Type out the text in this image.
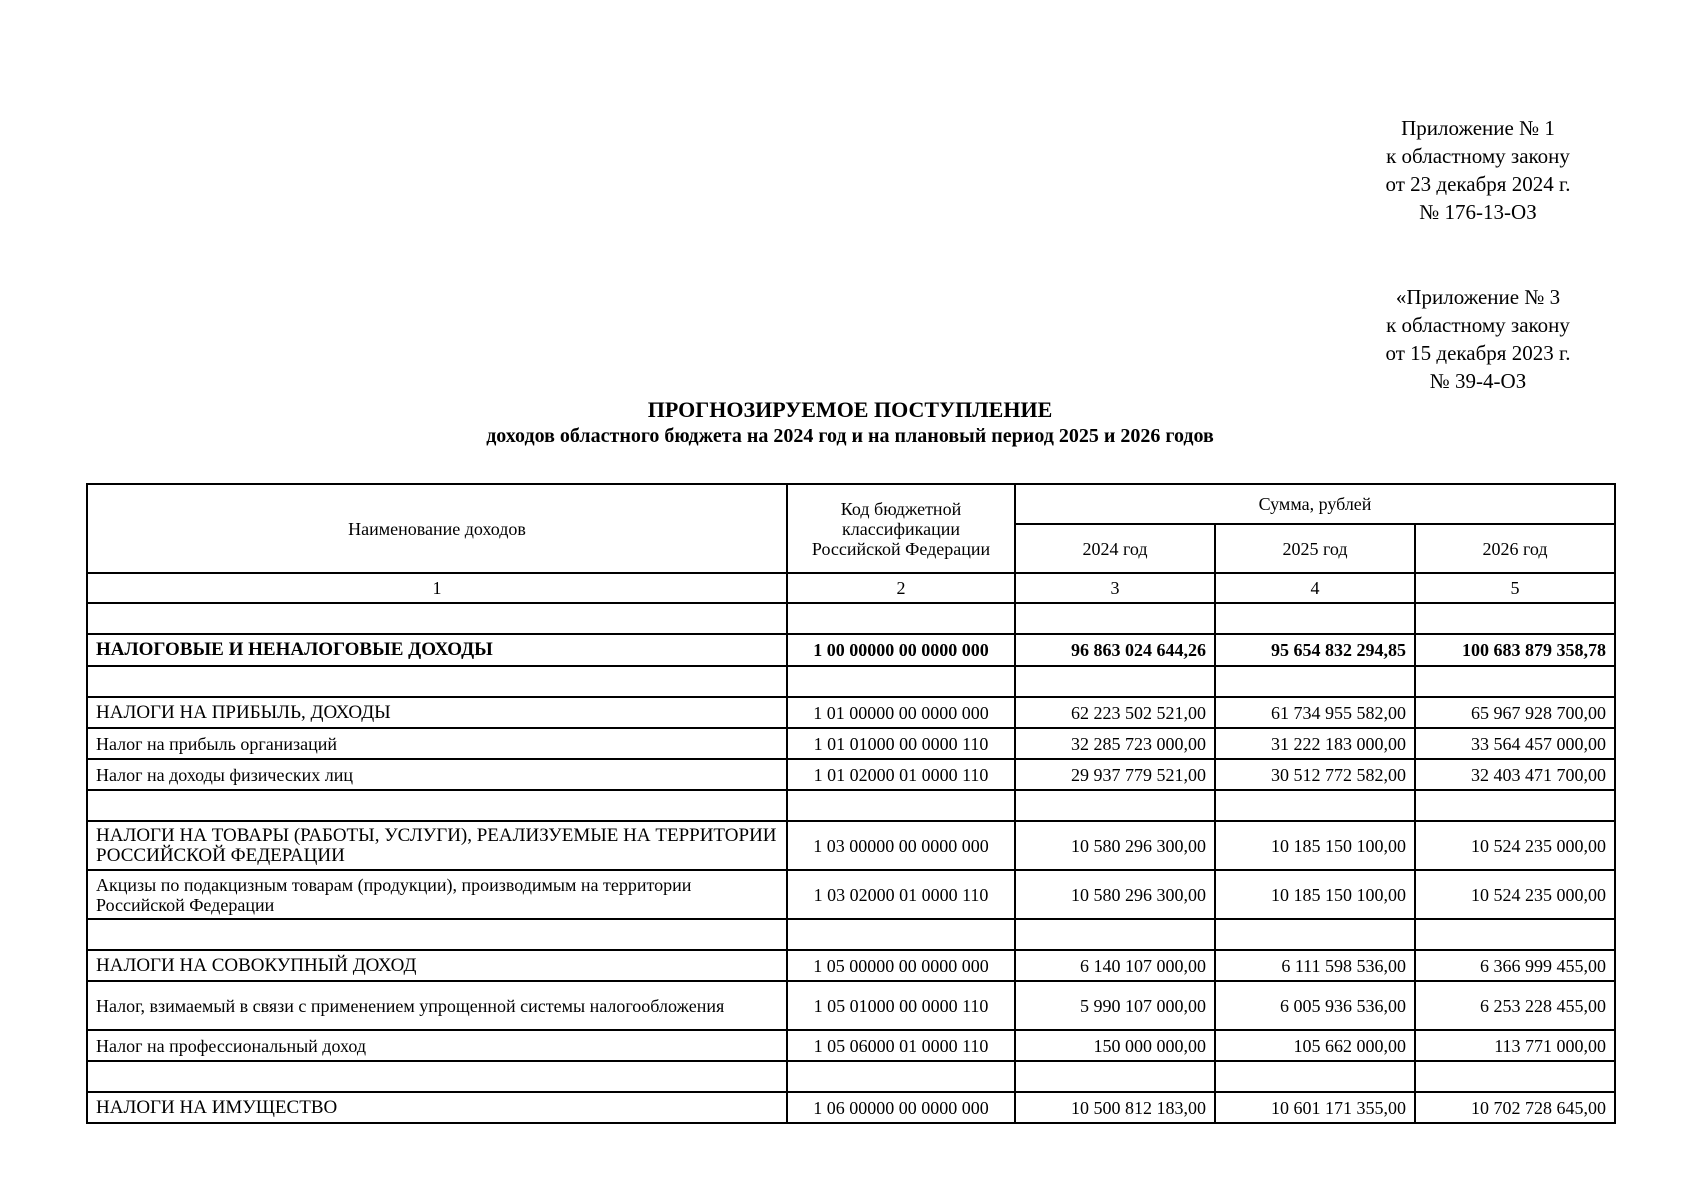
Приложение № 1
к областному закону
от 23 декабря 2024 г.
№ 176-13-ОЗ
«Приложение № 3
к областному закону
от 15 декабря 2023 г.
№ 39-4-ОЗ
ПРОГНОЗИРУЕМОЕ ПОСТУПЛЕНИЕ
доходов областного бюджета на 2024 год и на плановый период 2025 и 2026 годов
Наименование доходов	Код бюджетной классификации Российской Федерации	Сумма, рублей		
		2024 год	2025 год	2026 год
1	2	3	4	5

НАЛОГОВЫЕ И НЕНАЛОГОВЫЕ ДОХОДЫ	1 00 00000 00 0000 000	96 863 024 644,26	95 654 832 294,85	100 683 879 358,78

НАЛОГИ НА ПРИБЫЛЬ, ДОХОДЫ	1 01 00000 00 0000 000	62 223 502 521,00	61 734 955 582,00	65 967 928 700,00
Налог на прибыль организаций	1 01 01000 00 0000 110	32 285 723 000,00	31 222 183 000,00	33 564 457 000,00
Налог на доходы физических лиц	1 01 02000 01 0000 110	29 937 779 521,00	30 512 772 582,00	32 403 471 700,00

НАЛОГИ НА ТОВАРЫ (РАБОТЫ, УСЛУГИ), РЕАЛИЗУЕМЫЕ НА ТЕРРИТОРИИ РОССИЙСКОЙ ФЕДЕРАЦИИ	1 03 00000 00 0000 000	10 580 296 300,00	10 185 150 100,00	10 524 235 000,00
Акцизы по подакцизным товарам (продукции), производимым на территории Российской Федерации	1 03 02000 01 0000 110	10 580 296 300,00	10 185 150 100,00	10 524 235 000,00

НАЛОГИ НА СОВОКУПНЫЙ ДОХОД	1 05 00000 00 0000 000	6 140 107 000,00	6 111 598 536,00	6 366 999 455,00
Налог, взимаемый в связи с применением упрощенной системы налогообложения	1 05 01000 00 0000 110	5 990 107 000,00	6 005 936 536,00	6 253 228 455,00
Налог на профессиональный доход	1 05 06000 01 0000 110	150 000 000,00	105 662 000,00	113 771 000,00

НАЛОГИ НА ИМУЩЕСТВО	1 06 00000 00 0000 000	10 500 812 183,00	10 601 171 355,00	10 702 728 645,00
